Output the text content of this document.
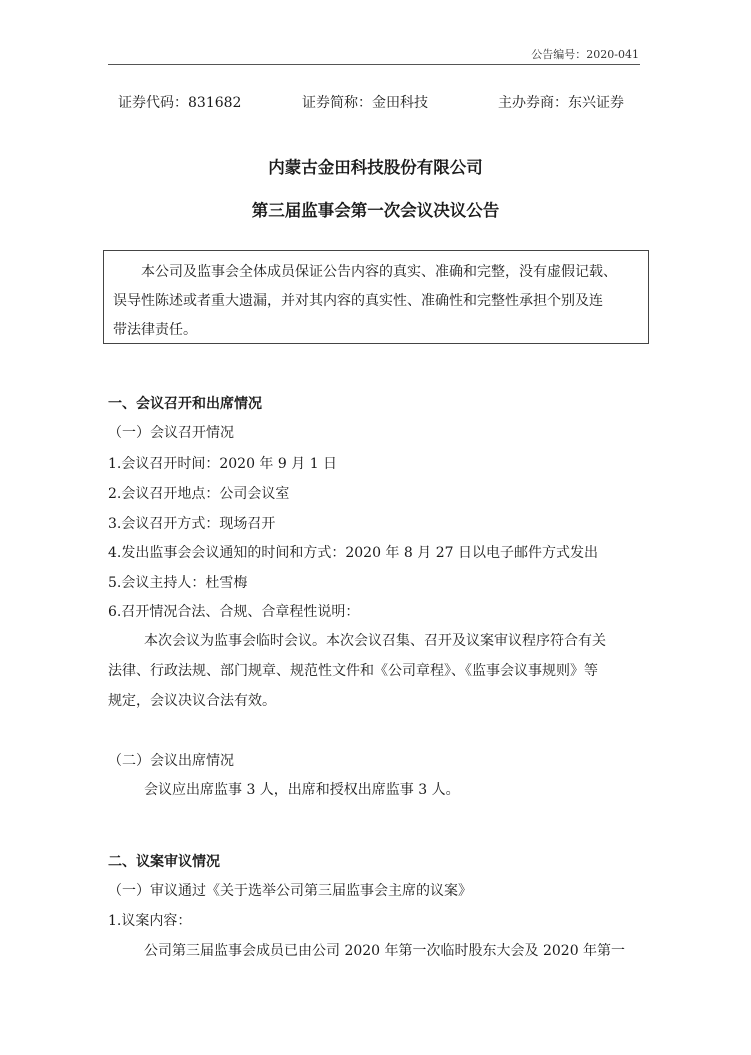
公告编号：2020-041
证券代码：831682	证券简称：金田科技	主办券商：东兴证券
内蒙古金田科技股份有限公司
第三届监事会第一次会议决议公告

本公司及监事会全体成员保证公告内容的真实、准确和完整，没有虚假记载、

误导性陈述或者重大遗漏，并对其内容的真实性、准确性和完整性承担个别及连

带法律责任。

一、会议召开和出席情况
（一）会议召开情况
1.会议召开时间：2020 年 9 月 1 日
2.会议召开地点：公司会议室
3.会议召开方式：现场召开
4.发出监事会会议通知的时间和方式：2020 年 8 月 27 日以电子邮件方式发出
5.会议主持人：杜雪梅
6.召开情况合法、合规、合章程性说明：
本次会议为监事会临时会议。本次会议召集、召开及议案审议程序符合有关
法律、行政法规、部门规章、规范性文件和《公司章程》、《监事会议事规则》等
规定，会议决议合法有效。
（二）会议出席情况
会议应出席监事 3 人，出席和授权出席监事 3 人。
二、议案审议情况
（一）审议通过《关于选举公司第三届监事会主席的议案》
1.议案内容：
公司第三届监事会成员已由公司 2020 年第一次临时股东大会及 2020 年第一
